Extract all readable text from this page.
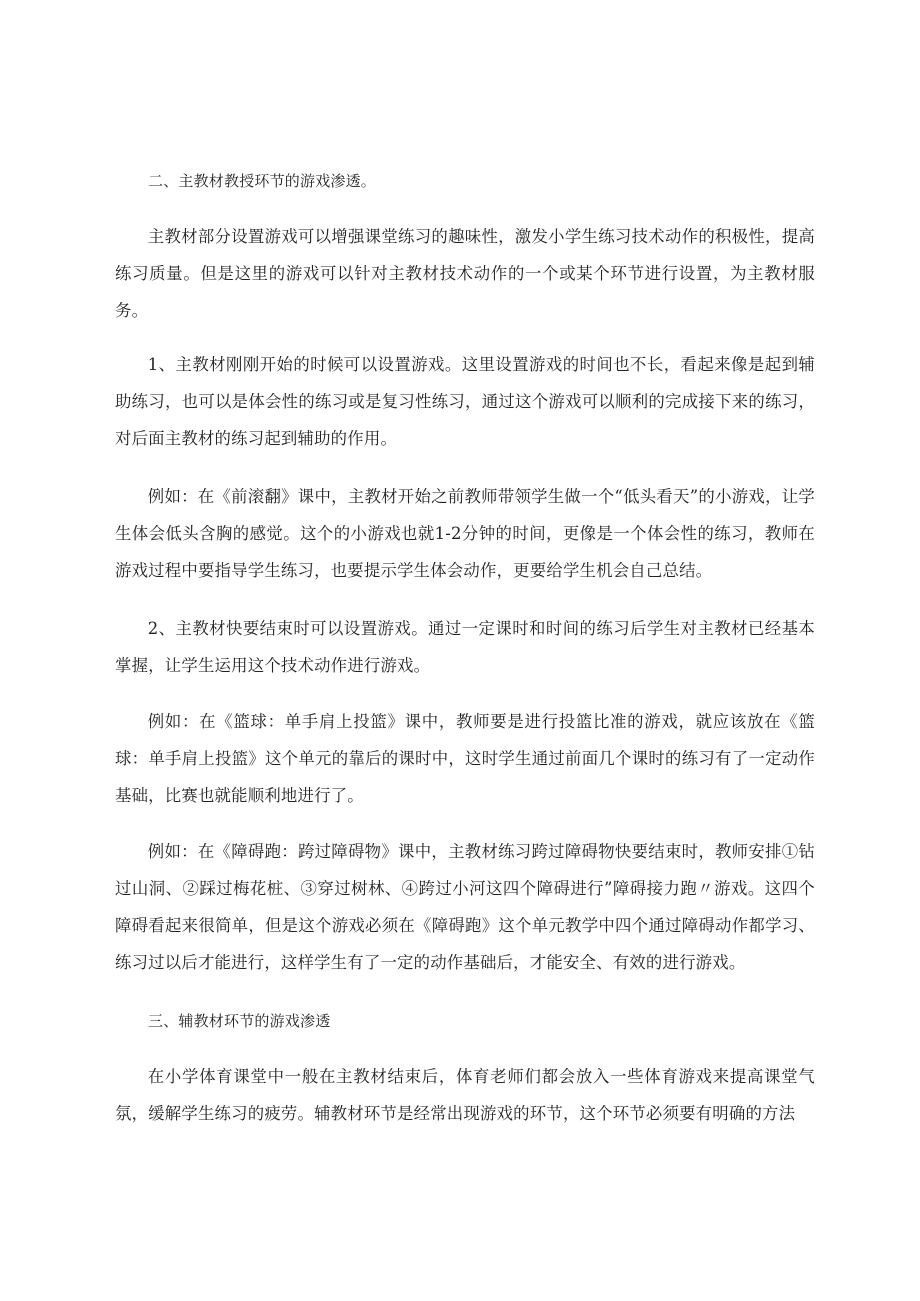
二、主教材教授环节的游戏渗透。

主教材部分设置游戏可以增强课堂练习的趣味性，激发小学生练习技术动作的积极性，提高练习质量。但是这里的游戏可以针对主教材技术动作的一个或某个环节进行设置，为主教材服务。

1、主教材刚刚开始的时候可以设置游戏。这里设置游戏的时间也不长，看起来像是起到辅助练习，也可以是体会性的练习或是复习性练习，通过这个游戏可以顺利的完成接下来的练习，对后面主教材的练习起到辅助的作用。

例如：在《前滚翻》课中，主教材开始之前教师带领学生做一个“低头看天”的小游戏，让学生体会低头含胸的感觉。这个的小游戏也就1-2分钟的时间，更像是一个体会性的练习，教师在游戏过程中要指导学生练习，也要提示学生体会动作，更要给学生机会自己总结。

2、主教材快要结束时可以设置游戏。通过一定课时和时间的练习后学生对主教材已经基本掌握，让学生运用这个技术动作进行游戏。

例如：在《篮球：单手肩上投篮》课中，教师要是进行投篮比准的游戏，就应该放在《篮球：单手肩上投篮》这个单元的靠后的课时中，这时学生通过前面几个课时的练习有了一定动作基础，比赛也就能顺利地进行了。

例如：在《障碍跑：跨过障碍物》课中，主教材练习跨过障碍物快要结束时，教师安排①钻过山洞、②踩过梅花桩、③穿过树林、④跨过小河这四个障碍进行”障碍接力跑〃游戏。这四个障碍看起来很简单，但是这个游戏必须在《障碍跑》这个单元教学中四个通过障碍动作都学习、练习过以后才能进行，这样学生有了一定的动作基础后，才能安全、有效的进行游戏。

三、辅教材环节的游戏渗透

在小学体育课堂中一般在主教材结束后，体育老师们都会放入一些体育游戏来提高课堂气氛，缓解学生练习的疲劳。辅教材环节是经常出现游戏的环节，这个环节必须要有明确的方法
